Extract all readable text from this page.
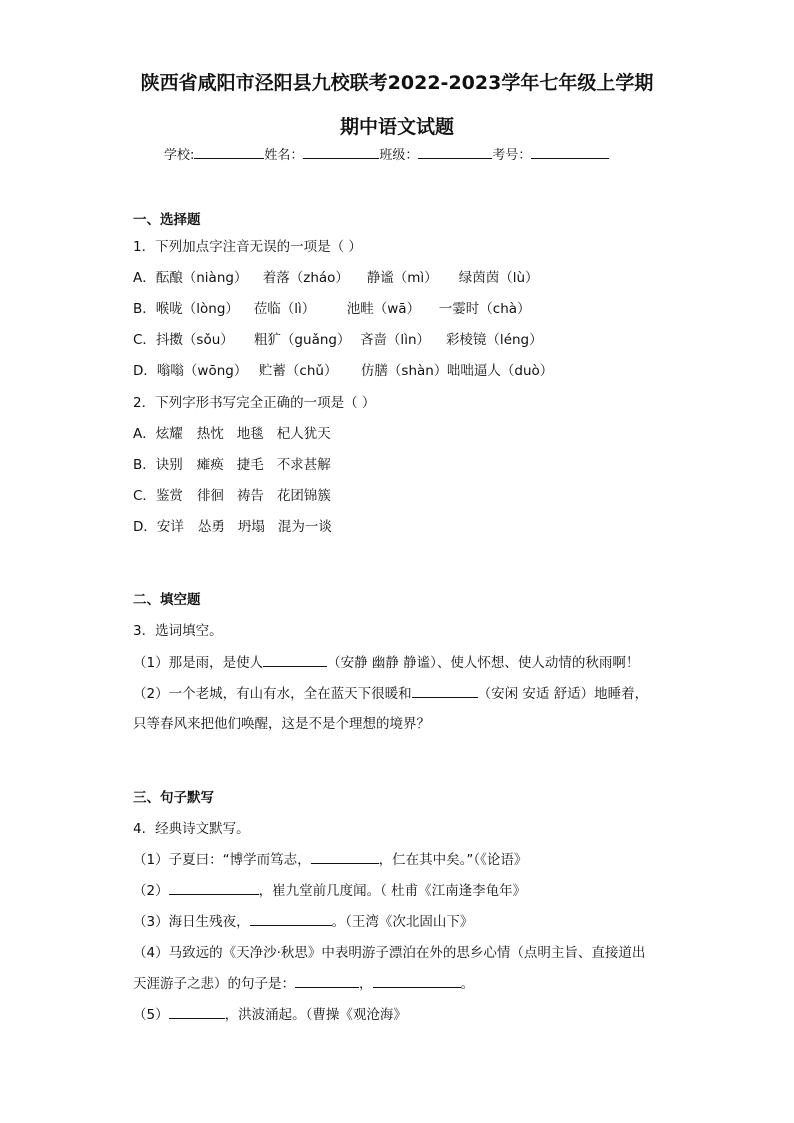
陕西省咸阳市泾阳县九校联考2022-2023学年七年级上学期
期中语文试题
学校:	姓名：	班级：	考号：
一、选择题
1．下列加点字注音无误的一项是（ ）
A．酝酿（niàng） 着落（zháo） 静谧（mì） 绿茵茵（lù）
B．喉咙（lòng） 莅临（lì） 池畦（wā） 一霎时（chà）
C．抖擞（sǒu） 粗犷（guǎng） 吝啬（lìn） 彩棱镜（léng）
D．嗡嗡（wōng） 贮蓄（chǔ） 仿膳（shàn）咄咄逼人（duò）
2．下列字形书写完全正确的一项是（ ）
A．炫耀 热忱 地毯 杞人犹天
B．诀别 瘫痪 捷毛 不求甚解
C．鉴赏 徘徊 祷告 花团锦簇
D．安详 怂勇 坍塌 混为一谈
二、填空题
3．选词填空。
（1）那是雨，是使人	（安静 幽静 静谧）、使人怀想、使人动情的秋雨啊！
（2）一个老城，有山有水，全在蓝天下很暖和	（安闲 安适 舒适）地睡着，
只等春风来把他们唤醒，这是不是个理想的境界？
三、句子默写
4．经典诗文默写。
（1）子夏曰：“博学而笃志，	，仁在其中矣。”（《论语》
（2）	，崔九堂前几度闻。（ 杜甫《江南逢李龟年》
（3）海日生残夜，	。（王湾《次北固山下》
（4）马致远的《天净沙·秋思》中表明游子漂泊在外的思乡心情（点明主旨、直接道出
天涯游子之悲）的句子是：	，	。
（5）	，洪波涌起。（曹操《观沧海》
